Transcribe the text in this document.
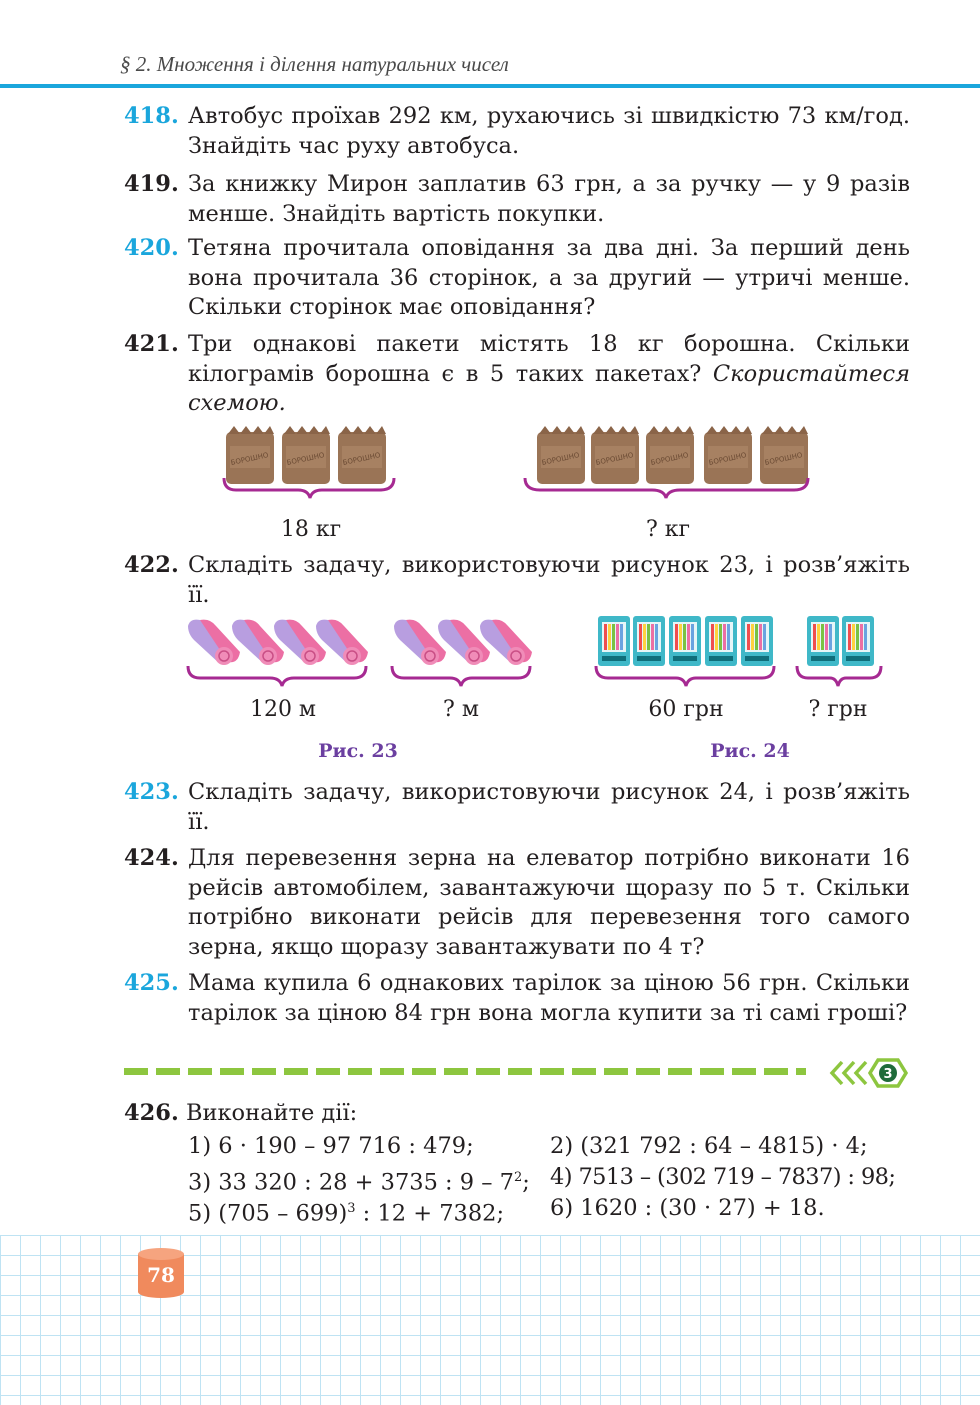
§ 2. Множення і ділення натуральних чисел
418. Автобус проїхав 292 км, рухаючись зі швидкістю 73 км/год. Знайдіть час руху автобуса.
419. За книжку Мирон заплатив 63 грн, а за ручку — у 9 разів менше. Знайдіть вартість покупки.
420. Тетяна прочитала оповідання за два дні. За перший день вона прочитала 36 сторінок, а за другий — утричі менше. Скільки сторінок має оповідання?
421. Три однакові пакети містять 18 кг борошна. Скільки кілограмів борошна є в 5 таких пакетах? Скористайтеся схемою.
БОРОШНО
18 кг	? кг
422. Складіть задачу, використовуючи рисунок 23, і розв’яжіть її.
120 м	? м	60 грн	? грн
Рис. 23	Рис. 24
423. Складіть задачу, використовуючи рисунок 24, і розв’яжіть її.
424. Для перевезення зерна на елеватор потрібно виконати 16 рейсів автомобілем, завантажуючи щоразу по 5 т. Скільки потрібно виконати рейсів для перевезення того самого зерна, якщо щоразу завантажувати по 4 т?
425. Мама купила 6 однакових тарілок за ціною 56 грн. Скільки тарілок за ціною 84 грн вона могла купити за ті самі гроші?
3
426. Виконайте дії:
1) 6 · 190 – 97 716 : 479;	2) (321 792 : 64 – 4815) · 4;
3) 33 320 : 28 + 3735 : $9 - 7^2$; 4) 7513 – (302 719 – 7837) : 98;
5) (705 – 699)$^3$ : 12 + 7382; 6) 1620 : (30 · 27) + 18.
78
